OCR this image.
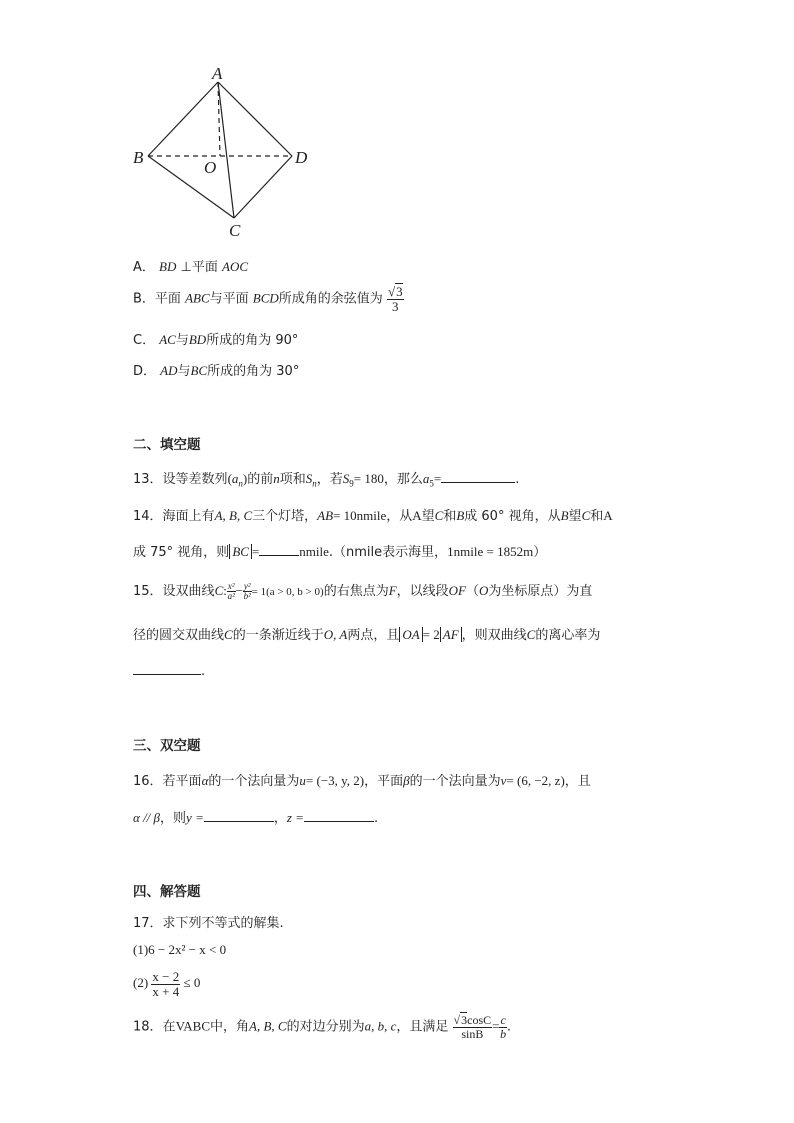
A
B	D
O
C
A． BD ⊥平面 AOC
B．平面 ABC与平面 BCD所成角的余弦值为 $\frac{√3}{3}$
C． AC与BD所成的角为 90°
D． AD与BC所成的角为 30°
二、填空题
13．设等差数列$(a_n)$的前n项和$S_n$，若$S_9= 180$，那么$a_5=$	.
14．海面上有A, B, C三个灯塔，AB= 10nmile，从A望C和B成 60° 视角，从B望C和A
成 75° 视角，则 BC =	nmile.（nmile表示海里，1nmile = 1852m）
15．设双曲线C: $\frac{\text{x²}}{\text{a²}} - \frac{\text{y²}}{\text{b²}} = 1(a > 0$, b > 0)的右焦点为F，以线段OF（O为坐标原点）为直
径的圆交双曲线C的一条渐近线于O, A两点，且 OA = 2 AF ，则双曲线C的离心率为
.
三、双空题
16．若平面α的一个法向量为u= (−3, y, 2)，平面β的一个法向量为v= (6, −2, z)，且
α // β，则y =	，z =	.
四、解答题
17．求下列不等式的解集.
(1)6 − 2x² − x < 0
$(2) \frac{x - 2}{x + 4} \le 0$
18．在VABC中，角A, B, C的对边分别为a, b, c，且满足 $\frac{√3\cos C}{\sin B} = \frac{c}{b}$ .
